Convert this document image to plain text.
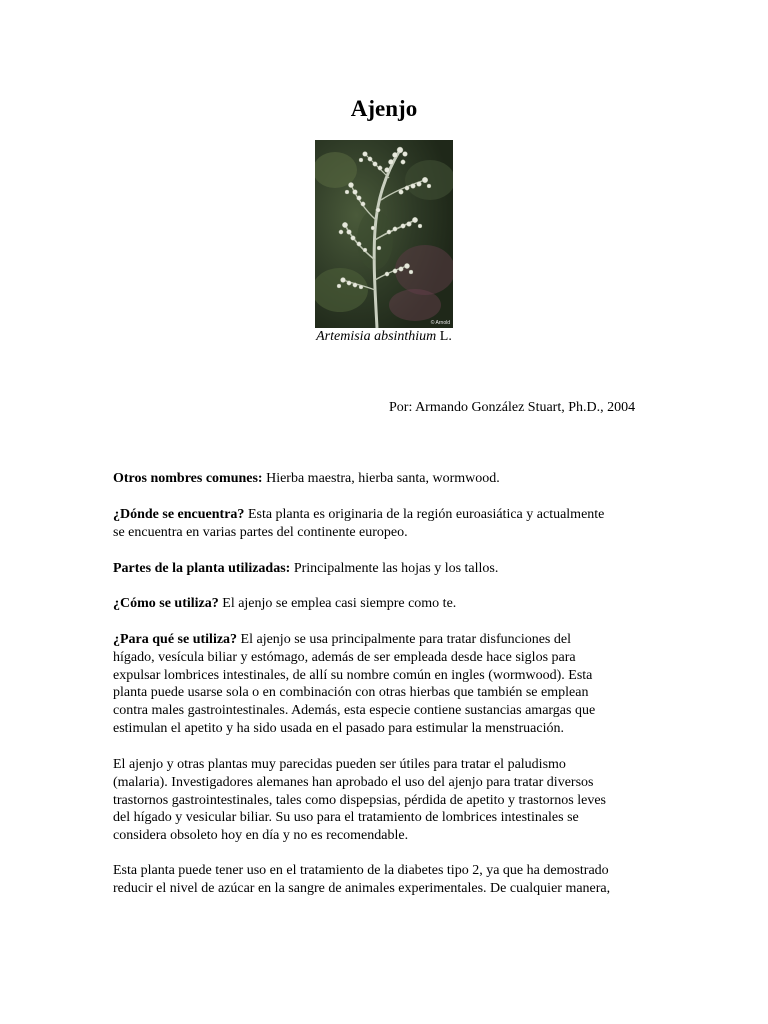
Ajenjo
© Arnold
Artemisia absinthium L.
Por: Armando González Stuart, Ph.D., 2004
Otros nombres comunes: Hierba maestra, hierba santa, wormwood.
¿Dónde se encuentra? Esta planta es originaria de la región euroasiática y actualmente
se encuentra en varias partes del continente europeo.
Partes de la planta utilizadas: Principalmente las hojas y los tallos.
¿Cómo se utiliza? El ajenjo se emplea casi siempre como te.
¿Para qué se utiliza? El ajenjo se usa principalmente para tratar disfunciones del
hígado, vesícula biliar y estómago, además de ser empleada desde hace siglos para
expulsar lombrices intestinales, de allí su nombre común en ingles (wormwood). Esta
planta puede usarse sola o en combinación con otras hierbas que también se emplean
contra males gastrointestinales. Además, esta especie contiene sustancias amargas que
estimulan el apetito y ha sido usada en el pasado para estimular la menstruación.
El ajenjo y otras plantas muy parecidas pueden ser útiles para tratar el paludismo
(malaria). Investigadores alemanes han aprobado el uso del ajenjo para tratar diversos
trastornos gastrointestinales, tales como dispepsias, pérdida de apetito y trastornos leves
del hígado y vesicular biliar. Su uso para el tratamiento de lombrices intestinales se
considera obsoleto hoy en día y no es recomendable.
Esta planta puede tener uso en el tratamiento de la diabetes tipo 2, ya que ha demostrado
reducir el nivel de azúcar en la sangre de animales experimentales. De cualquier manera,
